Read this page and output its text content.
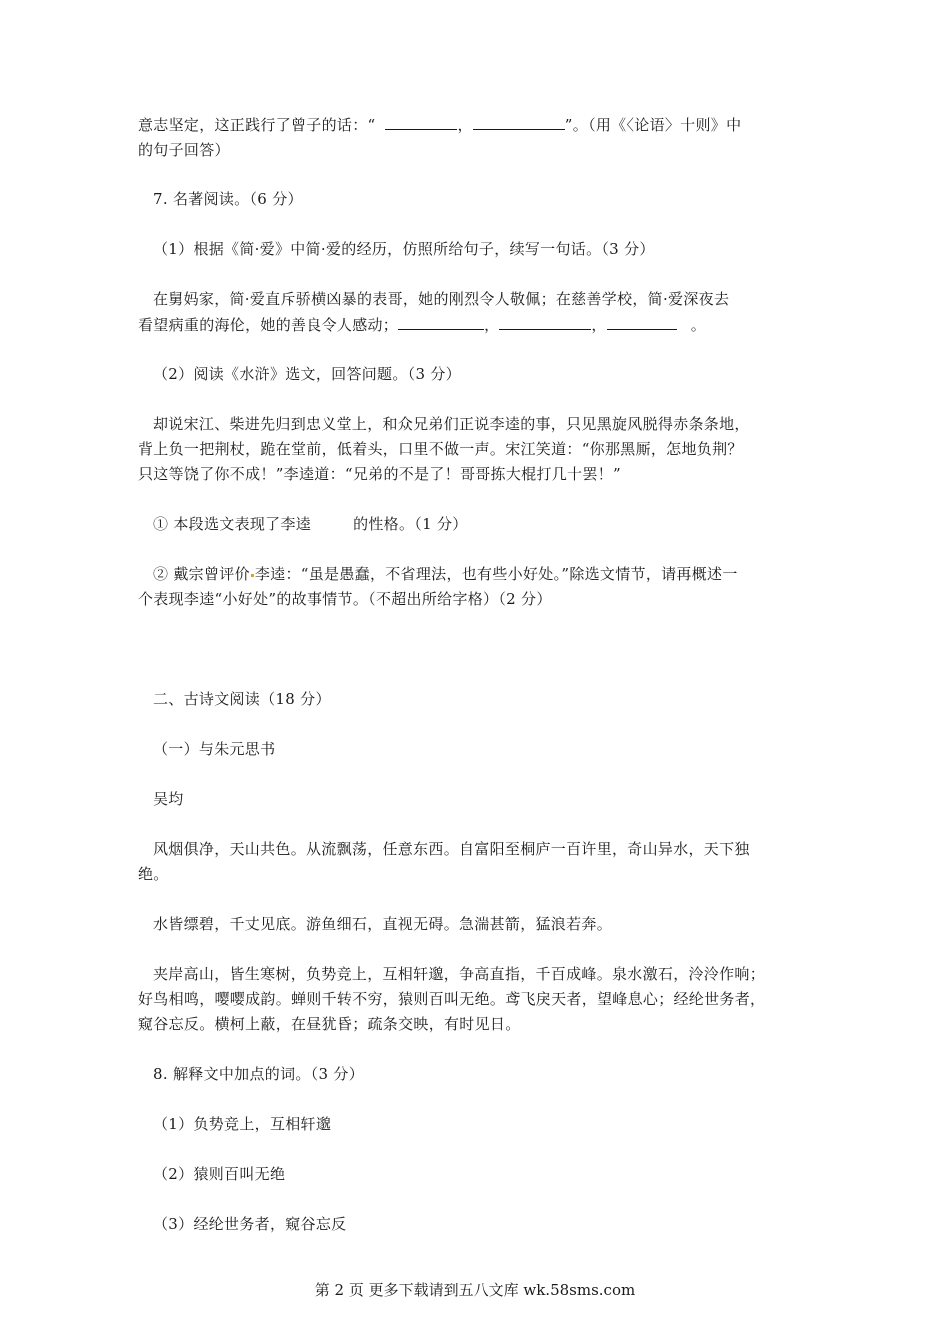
意志坚定，这正践行了曾子的话：“	，	”。（用《〈论语〉十则》中
的句子回答）
7. 名著阅读。（6 分）
（1）根据《简·爱》中简·爱的经历，仿照所给句子，续写一句话。（3 分）
在舅妈家，简·爱直斥骄横凶暴的表哥，她的刚烈令人敬佩；在慈善学校，简·爱深夜去
看望病重的海伦，她的善良令人感动；	，	，	。
（2）阅读《水浒》选文，回答问题。（3 分）
却说宋江、柴进先归到忠义堂上，和众兄弟们正说李逵的事，只见黑旋风脱得赤条条地，
背上负一把荆杖，跪在堂前，低着头，口里不做一声。宋江笑道：“你那黑厮，怎地负荆？
只这等饶了你不成！”李逵道：“兄弟的不是了！哥哥拣大棍打几十罢！”
① 本段选文表现了李逵	的性格。（1 分）
② 戴宗曾评价 李逵：“虽是愚蠢，不省理法，也有些小好处。”除选文情节，请再概述一
个表现李逵“小好处”的故事情节。（不超出所给字格）（2 分）
二、古诗文阅读（18 分）
（一）与朱元思书
吴均
风烟俱净，天山共色。从流飘荡，任意东西。自富阳至桐庐一百许里，奇山异水，天下独
绝。
水皆缥碧，千丈见底。游鱼细石，直视无碍。急湍甚箭，猛浪若奔。
夹岸高山，皆生寒树，负势竞上，互相轩邈，争高直指，千百成峰。泉水激石，泠泠作响；
好鸟相鸣，嘤嘤成韵。蝉则千转不穷，猿则百叫无绝。鸢飞戾天者，望峰息心；经纶世务者，
窥谷忘反。横柯上蔽，在昼犹昏；疏条交映，有时见日。
8. 解释文中加点的词。（3 分）
（1）负势竞上，互相轩邈
（2）猿则百叫无绝
（3）经纶世务者，窥谷忘反
第 2 页 更多下载请到五八文库 wk.58sms.com
